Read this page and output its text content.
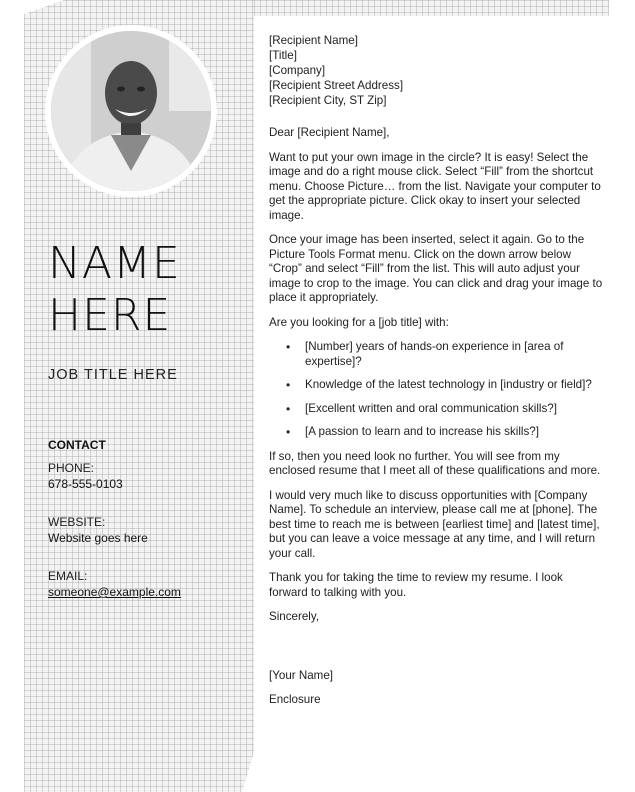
NAME
HERE
JOB TITLE HERE
CONTACT
PHONE:
678-555-0103
WEBSITE:
Website goes here
EMAIL:
someone@example.com
[Recipient Name]
[Title]
[Company]
[Recipient Street Address]
[Recipient City, ST Zip]

Dear [Recipient Name],

Want to put your own image in the circle? It is easy! Select the image and do a right mouse click. Select “Fill” from the shortcut menu. Choose Picture… from the list. Navigate your computer to get the appropriate picture. Click okay to insert your selected image.

Once your image has been inserted, select it again. Go to the Picture Tools Format menu. Click on the down arrow below “Crop” and select “Fill” from the list. This will auto adjust your image to crop to the image. You can click and drag your image to place it appropriately.

Are you looking for a [job title] with:

• [Number] years of hands-on experience in [area of expertise]?
• Knowledge of the latest technology in [industry or field]?
• [Excellent written and oral communication skills?]
• [A passion to learn and to increase his skills?]

If so, then you need look no further. You will see from my enclosed resume that I meet all of these qualifications and more.

I would very much like to discuss opportunities with [Company Name]. To schedule an interview, please call me at [phone]. The best time to reach me is between [earliest time] and [latest time], but you can leave a voice message at any time, and I will return your call.

Thank you for taking the time to review my resume. I look forward to talking with you.

Sincerely,

[Your Name]

Enclosure
